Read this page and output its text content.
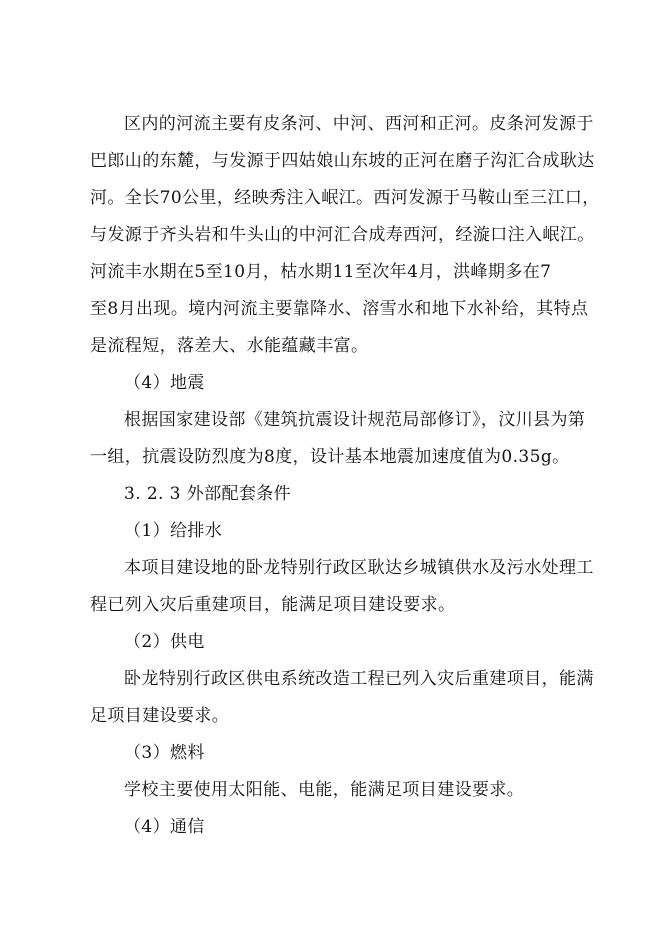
区内的河流主要有皮条河、中河、西河和正河。皮条河发源于
巴郎山的东麓，与发源于四姑娘山东坡的正河在磨子沟汇合成耿达
河。全长70公里，经映秀注入岷江。西河发源于马鞍山至三江口，
与发源于齐头岩和牛头山的中河汇合成寿西河，经漩口注入岷江。
河流丰水期在5至10月，枯水期11至次年4月，洪峰期多在7
至8月出现。境内河流主要靠降水、溶雪水和地下水补给，其特点
是流程短，落差大、水能蕴藏丰富。
（4）地震
根据国家建设部《建筑抗震设计规范局部修订》，汶川县为第
一组，抗震设防烈度为8度，设计基本地震加速度值为0.35g。
3. 2. 3 外部配套条件
（1）给排水
本项目建设地的卧龙特别行政区耿达乡城镇供水及污水处理工
程已列入灾后重建项目，能满足项目建设要求。
（2）供电
卧龙特别行政区供电系统改造工程已列入灾后重建项目，能满
足项目建设要求。
（3）燃料
学校主要使用太阳能、电能，能满足项目建设要求。
（4）通信
